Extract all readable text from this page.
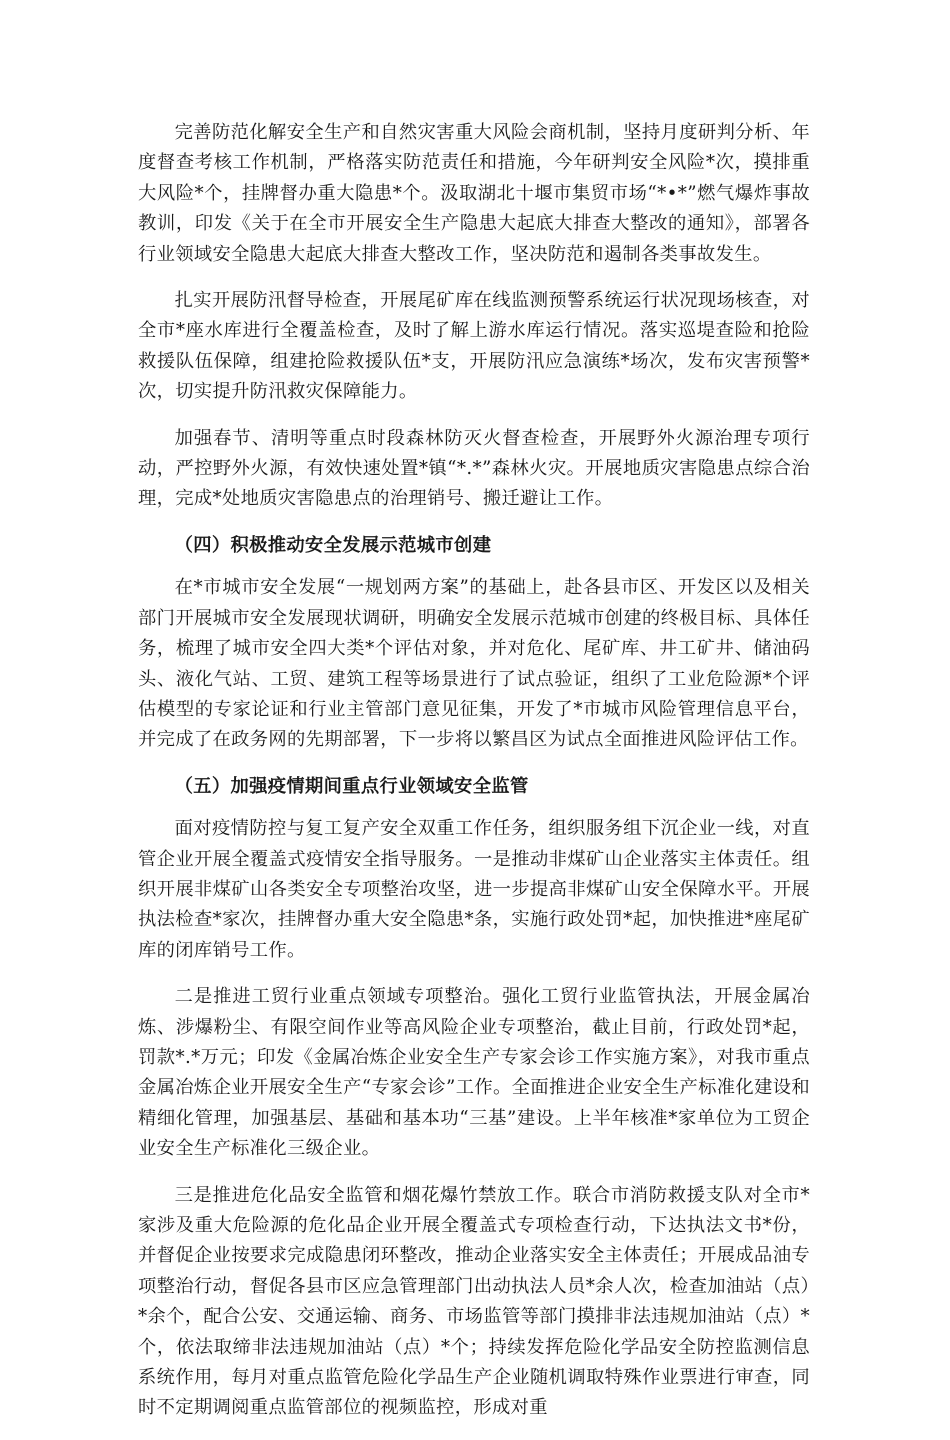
完善防范化解安全生产和自然灾害重大风险会商机制，坚持月度研判分析、年度督查考核工作机制，严格落实防范责任和措施，今年研判安全风险*次，摸排重大风险*个，挂牌督办重大隐患*个。汲取湖北十堰市集贸市场“*•*”燃气爆炸事故教训，印发《关于在全市开展安全生产隐患大起底大排查大整改的通知》，部署各行业领域安全隐患大起底大排查大整改工作，坚决防范和遏制各类事故发生。

扎实开展防汛督导检查，开展尾矿库在线监测预警系统运行状况现场核查，对全市*座水库进行全覆盖检查，及时了解上游水库运行情况。落实巡堤查险和抢险救援队伍保障，组建抢险救援队伍*支，开展防汛应急演练*场次，发布灾害预警*次，切实提升防汛救灾保障能力。

加强春节、清明等重点时段森林防灭火督查检查，开展野外火源治理专项行动，严控野外火源，有效快速处置*镇“*.*”森林火灾。开展地质灾害隐患点综合治理，完成*处地质灾害隐患点的治理销号、搬迁避让工作。

（四）积极推动安全发展示范城市创建

在*市城市安全发展“一规划两方案”的基础上，赴各县市区、开发区以及相关部门开展城市安全发展现状调研，明确安全发展示范城市创建的终极目标、具体任务，梳理了城市安全四大类*个评估对象，并对危化、尾矿库、井工矿井、储油码头、液化气站、工贸、建筑工程等场景进行了试点验证，组织了工业危险源*个评估模型的专家论证和行业主管部门意见征集，开发了*市城市风险管理信息平台，并完成了在政务网的先期部署，下一步将以繁昌区为试点全面推进风险评估工作。

（五）加强疫情期间重点行业领域安全监管

面对疫情防控与复工复产安全双重工作任务，组织服务组下沉企业一线，对直管企业开展全覆盖式疫情安全指导服务。一是推动非煤矿山企业落实主体责任。组织开展非煤矿山各类安全专项整治攻坚，进一步提高非煤矿山安全保障水平。开展执法检查*家次，挂牌督办重大安全隐患*条，实施行政处罚*起，加快推进*座尾矿库的闭库销号工作。

二是推进工贸行业重点领域专项整治。强化工贸行业监管执法，开展金属冶炼、涉爆粉尘、有限空间作业等高风险企业专项整治，截止目前，行政处罚*起，罚款*.*万元；印发《金属冶炼企业安全生产专家会诊工作实施方案》，对我市重点金属冶炼企业开展安全生产“专家会诊”工作。全面推进企业安全生产标准化建设和精细化管理，加强基层、基础和基本功“三基”建设。上半年核准*家单位为工贸企业安全生产标准化三级企业。

三是推进危化品安全监管和烟花爆竹禁放工作。联合市消防救援支队对全市*家涉及重大危险源的危化品企业开展全覆盖式专项检查行动，下达执法文书*份，并督促企业按要求完成隐患闭环整改，推动企业落实安全主体责任；开展成品油专项整治行动，督促各县市区应急管理部门出动执法人员*余人次，检查加油站（点）*余个，配合公安、交通运输、商务、市场监管等部门摸排非法违规加油站（点）*个，依法取缔非法违规加油站（点）*个；持续发挥危险化学品安全防控监测信息系统作用，每月对重点监管危险化学品生产企业随机调取特殊作业票进行审查，同时不定期调阅重点监管部位的视频监控，形成对重
